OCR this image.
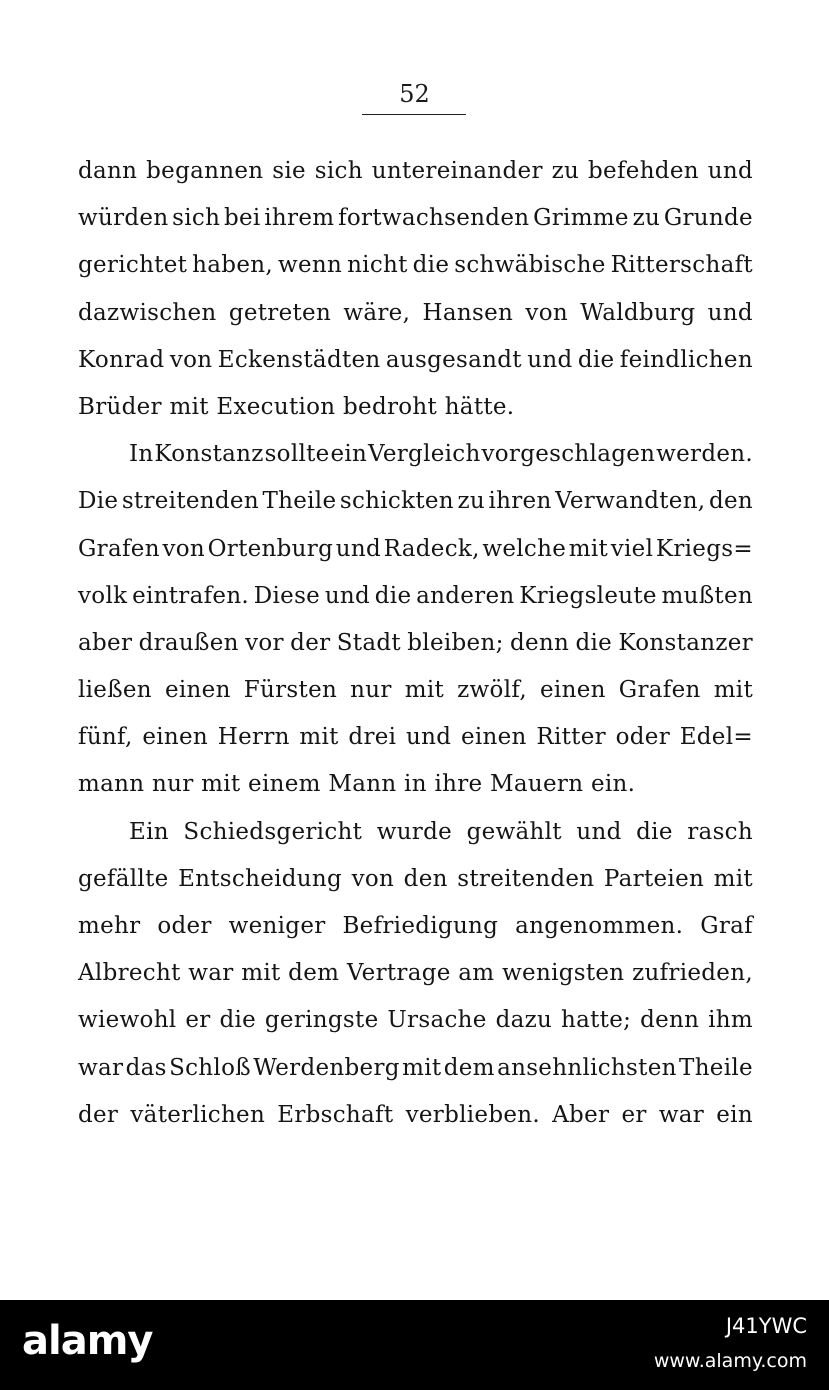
52
dann begannen sie sich untereinander zu befehden und
würden sich bei ihrem fortwachsenden Grimme zu Grunde
gerichtet haben, wenn nicht die schwäbische Ritterschaft
dazwischen getreten wäre, Hansen von Waldburg und
Konrad von Eckenstädten ausgesandt und die feindlichen
Brüder mit Execution bedroht hätte.
In Konstanz sollte ein Vergleich vorgeschlagen werden.
Die streitenden Theile schickten zu ihren Verwandten, den
Grafen von Ortenburg und Radeck, welche mit viel Kriegs=
volk eintrafen. Diese und die anderen Kriegsleute mußten
aber draußen vor der Stadt bleiben; denn die Konstanzer
ließen einen Fürsten nur mit zwölf, einen Grafen mit
fünf, einen Herrn mit drei und einen Ritter oder Edel=
mann nur mit einem Mann in ihre Mauern ein.
Ein Schiedsgericht wurde gewählt und die rasch
gefällte Entscheidung von den streitenden Parteien mit
mehr oder weniger Befriedigung angenommen. Graf
Albrecht war mit dem Vertrage am wenigsten zufrieden,
wiewohl er die geringste Ursache dazu hatte; denn ihm
war das Schloß Werdenberg mit dem ansehnlichsten Theile
der väterlichen Erbschaft verblieben. Aber er war ein
alamy	J41YWC
www.alamy.com
